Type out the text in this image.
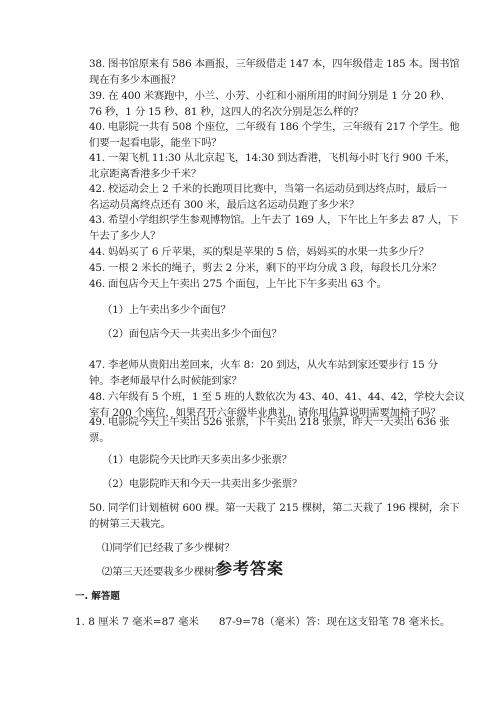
38. 图书馆原来有 586 本画报，三年级借走 147 本，四年级借走 185 本。图书馆
现在有多少本画报？
39. 在 400 米赛跑中，小兰、小芳、小红和小丽所用的时间分别是 1 分 20 秒、
76 秒，1 分 15 秒、81 秒，这四人的名次分别是怎么样的？
40. 电影院一共有 508 个座位，二年级有 186 个学生，三年级有 217 个学生。他
们要一起看电影，能坐下吗？
41. 一架飞机 11:30 从北京起飞，14:30 到达香港，飞机每小时飞行 900 千米，
北京距离香港多少千米？
42. 校运动会上 2 千米的长跑项目比赛中，当第一名运动员到达终点时，最后一
名运动员离终点还有 300 米，最后这名运动员跑了多少米？
43. 希望小学组织学生参观博物馆。上午去了 169 人，下午比上午多去 87 人，下
午去了多少人？
44. 妈妈买了 6 斤苹果，买的梨是苹果的 5 倍，妈妈买的水果一共多少斤？
45. 一根 2 米长的绳子，剪去 2 分米，剩下的平均分成 3 段，每段长几分米？
46. 面包店今天上午卖出 275 个面包，上午比下午多卖出 63 个。
（1）上午卖出多少个面包？
（2）面包店今天一共卖出多少个面包？
47. 李老师从贵阳出差回来，火车 8：20 到达，从火车站到家还要步行 15 分
钟。李老师最早什么时候能到家？
48. 六年级有 5 个班，1 至 5 班的人数依次为 43、40、41、44、42，学校大会议
室有 200 个座位，如果召开六年级毕业典礼，请你用估算说明需要加椅子吗？
49. 电影院今天上午卖出 526 张票，下午卖出 218 张票，昨天一天卖出 636 张
票。
（1）电影院今天比昨天多卖出多少张票？
（2）电影院昨天和今天一共卖出多少张票？
50. 同学们计划植树 600 棵。第一天栽了 215 棵树，第二天栽了 196 棵树，余下
的树第三天栽完。
⑴同学们已经栽了多少棵树？
⑵第三天还要栽多少棵树？
参考答案

一. 解答题

1. 8 厘米 7 毫米=87 毫米 87-9=78（毫米）答：现在这支铅笔 78 毫米长。
